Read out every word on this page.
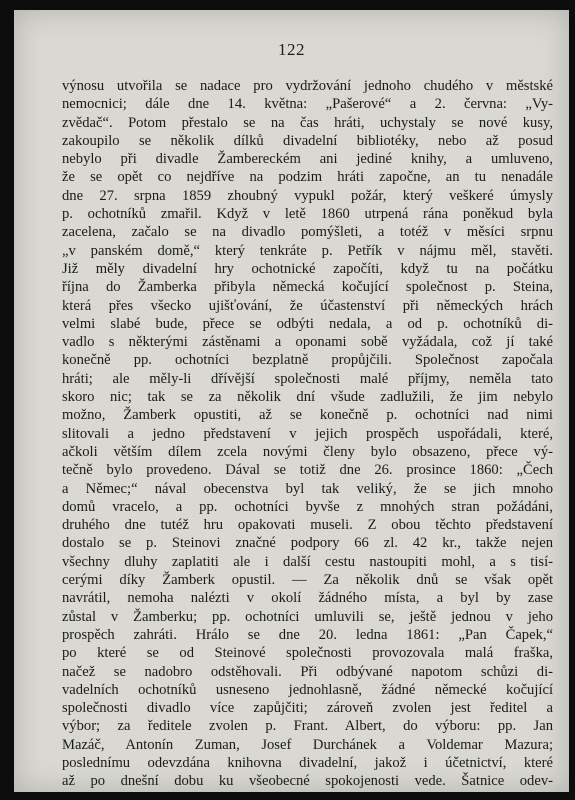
122
výnosu utvořila se nadace pro vydržování jednoho chudého v městské
nemocnici; dále dne 14. května: „Pašerové“ a 2. června: „Vy-
zvědač“. Potom přestalo se na čas hráti, uchystaly se nové kusy,
zakoupilo se několik dílků divadelní bibliotéky, nebo až posud
nebylo při divadle Žambereckém ani jediné knihy, a umluveno,
že se opět co nejdříve na podzim hráti započne, an tu nenadále
dne 27. srpna 1859 zhoubný vypukl požár, který veškeré úmysly
p. ochotníků zmařil. Když v letě 1860 utrpená rána poněkud byla
zacelena, začalo se na divadlo pomýšleti, a totéž v měsíci srpnu
„v panském domě,“ který tenkráte p. Petřík v nájmu měl, stavěti.
Již měly divadelní hry ochotnické započíti, když tu na počátku
října do Žamberka přibyla německá kočující společnost p. Steina,
která přes všecko ujišťování, že účastenství při německých hrách
velmi slabé bude, přece se odbýti nedala, a od p. ochotníků di-
vadlo s některými zástěnami a oponami sobě vyžádala, což jí také
konečně pp. ochotníci bezplatně propůjčili. Společnost započala
hráti; ale měly-li dřívější společnosti malé příjmy, neměla tato
skoro nic; tak se za několik dní všude zadlužili, že jim nebylo
možno, Žamberk opustiti, až se konečně p. ochotníci nad nimi
slitovali a jedno představení v jejich prospěch uspořádali, které,
ačkoli větším dílem zcela novými členy bylo obsazeno, přece vý-
tečně bylo provedeno. Dával se totiž dne 26. prosince 1860: „Čech
a Němec;“ nával obecenstva byl tak veliký, že se jich mnoho
domů vracelo, a pp. ochotníci byvše z mnohých stran požádáni,
druhého dne tutéž hru opakovati museli. Z obou těchto představení
dostalo se p. Steinovi značné podpory 66 zl. 42 kr., takže nejen
všechny dluhy zaplatiti ale i další cestu nastoupiti mohl, a s tisí-
cerými díky Žamberk opustil. — Za několik dnů se však opět
navrátil, nemoha nalézti v okolí žádného místa, a byl by zase
zůstal v Žamberku; pp. ochotníci umluvili se, ještě jednou v jeho
prospěch zahráti. Hrálo se dne 20. ledna 1861: „Pan Čapek,“
po které se od Steinové společnosti provozovala malá fraška,
načež se nadobro odstěhovali. Při odbývané napotom schůzi di-
vadelních ochotníků usneseno jednohlasně, žádné německé kočující
společnosti divadlo více zapůjčiti; zároveň zvolen jest ředitel a
výbor; za ředitele zvolen p. Frant. Albert, do výboru: pp. Jan
Mazáč, Antonín Zuman, Josef Durchánek a Voldemar Mazura;
poslednímu odevzdána knihovna divadelní, jakož i účetnictví, které
až po dnešní dobu ku všeobecné spokojenosti vede. Šatnice odev-
